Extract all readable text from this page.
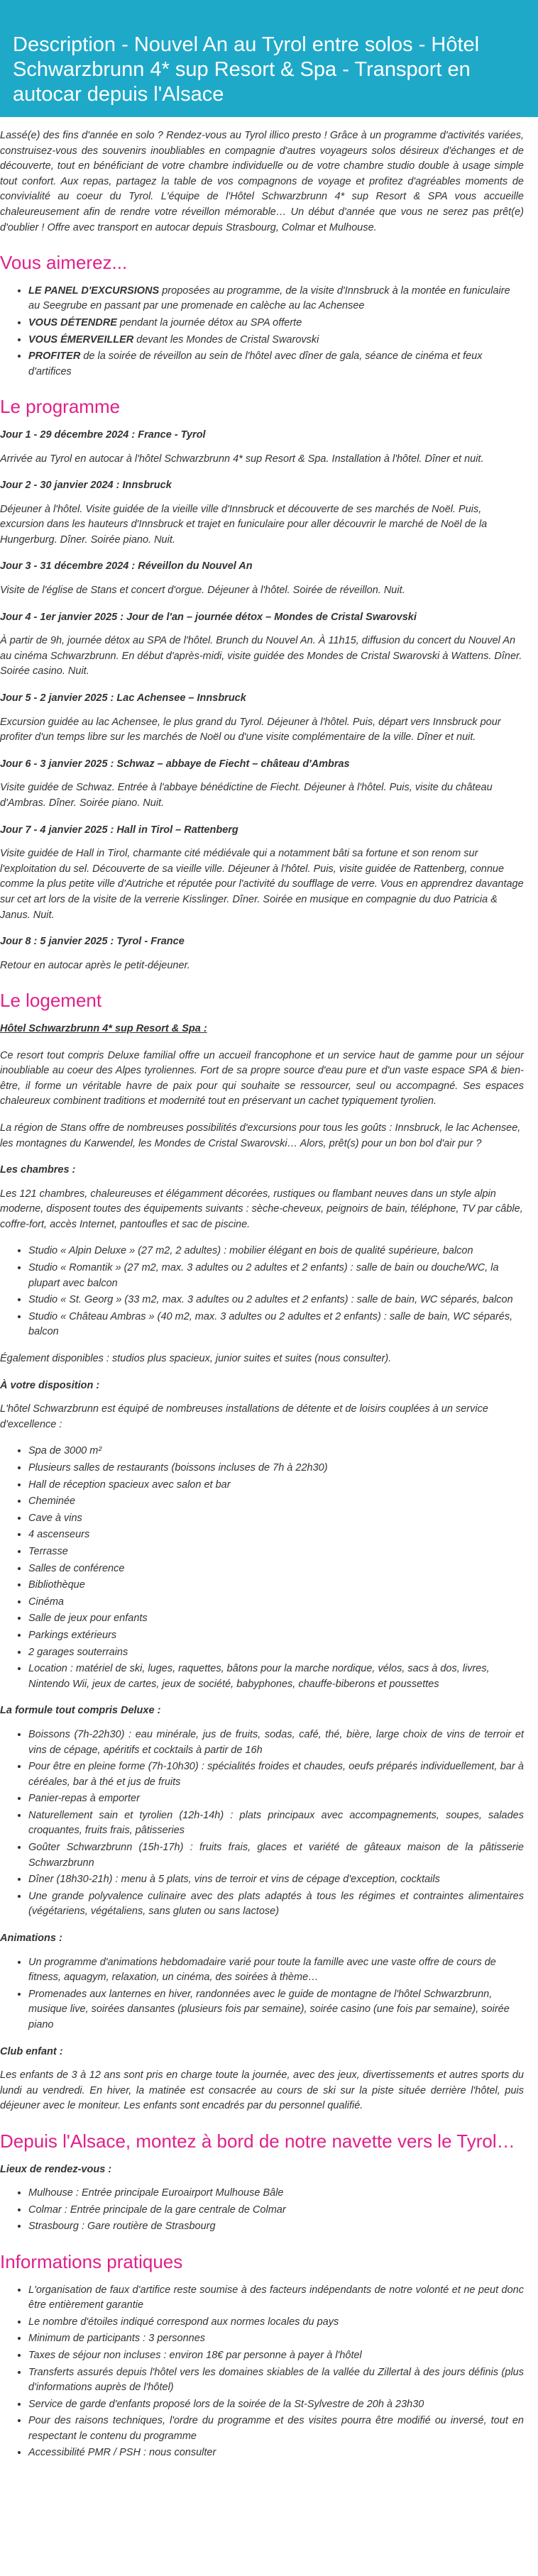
Description - Nouvel An au Tyrol entre solos - Hôtel Schwarzbrunn 4* sup Resort & Spa - Transport en autocar depuis l'Alsace

Lassé(e) des fins d'année en solo ? Rendez-vous au Tyrol illico presto ! Grâce à un programme d'activités variées, construisez-vous des souvenirs inoubliables en compagnie d'autres voyageurs solos désireux d'échanges et de découverte, tout en bénéficiant de votre chambre individuelle ou de votre chambre studio double à usage simple tout confort. Aux repas, partagez la table de vos compagnons de voyage et profitez d'agréables moments de convivialité au coeur du Tyrol. L'équipe de l'Hôtel Schwarzbrunn 4* sup Resort & SPA vous accueille chaleureusement afin de rendre votre réveillon mémorable… Un début d'année que vous ne serez pas prêt(e) d'oublier ! Offre avec transport en autocar depuis Strasbourg, Colmar et Mulhouse.

Vous aimerez...
• LE PANEL D'EXCURSIONS proposées au programme, de la visite d'Innsbruck à la montée en funiculaire au Seegrube en passant par une promenade en calèche au lac Achensee
• VOUS DÉTENDRE pendant la journée détox au SPA offerte
• VOUS ÉMERVEILLER devant les Mondes de Cristal Swarovski
• PROFITER de la soirée de réveillon au sein de l'hôtel avec dîner de gala, séance de cinéma et feux d'artifices
Le programme
Jour 1 - 29 décembre 2024 : France - Tyrol

Arrivée au Tyrol en autocar à l'hôtel Schwarzbrunn 4* sup Resort & Spa. Installation à l'hôtel. Dîner et nuit.

Jour 2 - 30 janvier 2024 : Innsbruck

Déjeuner à l'hôtel. Visite guidée de la vieille ville d'Innsbruck et découverte de ses marchés de Noël. Puis, excursion dans les hauteurs d'Innsbruck et trajet en funiculaire pour aller découvrir le marché de Noël de la Hungerburg. Dîner. Soirée piano. Nuit.

Jour 3 - 31 décembre 2024 : Réveillon du Nouvel An

Visite de l'église de Stans et concert d'orgue. Déjeuner à l'hôtel. Soirée de réveillon. Nuit.

Jour 4 - 1er janvier 2025 : Jour de l'an – journée détox – Mondes de Cristal Swarovski

À partir de 9h, journée détox au SPA de l'hôtel. Brunch du Nouvel An. À 11h15, diffusion du concert du Nouvel An au cinéma Schwarzbrunn. En début d'après-midi, visite guidée des Mondes de Cristal Swarovski à Wattens. Dîner. Soirée casino. Nuit.

Jour 5 - 2 janvier 2025 : Lac Achensee – Innsbruck

Excursion guidée au lac Achensee, le plus grand du Tyrol. Déjeuner à l'hôtel. Puis, départ vers Innsbruck pour profiter d'un temps libre sur les marchés de Noël ou d'une visite complémentaire de la ville. Dîner et nuit.

Jour 6 - 3 janvier 2025 : Schwaz – abbaye de Fiecht – château d'Ambras

Visite guidée de Schwaz. Entrée à l'abbaye bénédictine de Fiecht. Déjeuner à l'hôtel. Puis, visite du château d'Ambras. Dîner. Soirée piano. Nuit.

Jour 7 - 4 janvier 2025 : Hall in Tirol – Rattenberg

Visite guidée de Hall in Tirol, charmante cité médiévale qui a notamment bâti sa fortune et son renom sur l'exploitation du sel. Découverte de sa vieille ville. Déjeuner à l'hôtel. Puis, visite guidée de Rattenberg, connue comme la plus petite ville d'Autriche et réputée pour l'activité du soufflage de verre. Vous en apprendrez davantage sur cet art lors de la visite de la verrerie Kisslinger. Dîner. Soirée en musique en compagnie du duo Patricia & Janus. Nuit.

Jour 8 : 5 janvier 2025 : Tyrol - France

Retour en autocar après le petit-déjeuner.

Le logement

Hôtel Schwarzbrunn 4* sup Resort & Spa :

Ce resort tout compris Deluxe familial offre un accueil francophone et un service haut de gamme pour un séjour inoubliable au coeur des Alpes tyroliennes. Fort de sa propre source d'eau pure et d'un vaste espace SPA & bien-être, il forme un véritable havre de paix pour qui souhaite se ressourcer, seul ou accompagné. Ses espaces chaleureux combinent traditions et modernité tout en préservant un cachet typiquement tyrolien.

La région de Stans offre de nombreuses possibilités d'excursions pour tous les goûts : Innsbruck, le lac Achensee, les montagnes du Karwendel, les Mondes de Cristal Swarovski… Alors, prêt(s) pour un bon bol d'air pur ?

Les chambres :

Les 121 chambres, chaleureuses et élégamment décorées, rustiques ou flambant neuves dans un style alpin moderne, disposent toutes des équipements suivants : sèche-cheveux, peignoirs de bain, téléphone, TV par câble, coffre-fort, accès Internet, pantoufles et sac de piscine.

• Studio « Alpin Deluxe » (27 m2, 2 adultes) : mobilier élégant en bois de qualité supérieure, balcon
• Studio « Romantik » (27 m2, max. 3 adultes ou 2 adultes et 2 enfants) : salle de bain ou douche/WC, la plupart avec balcon
• Studio « St. Georg » (33 m2, max. 3 adultes ou 2 adultes et 2 enfants) : salle de bain, WC séparés, balcon
• Studio « Château Ambras » (40 m2, max. 3 adultes ou 2 adultes et 2 enfants) : salle de bain, WC séparés, balcon

Également disponibles : studios plus spacieux, junior suites et suites (nous consulter).

À votre disposition :

L'hôtel Schwarzbrunn est équipé de nombreuses installations de détente et de loisirs couplées à un service d'excellence :

• Spa de 3000 m²
• Plusieurs salles de restaurants (boissons incluses de 7h à 22h30)
• Hall de réception spacieux avec salon et bar
• Cheminée
• Cave à vins
• 4 ascenseurs
• Terrasse
• Salles de conférence
• Bibliothèque
• Cinéma
• Salle de jeux pour enfants
• Parkings extérieurs
• 2 garages souterrains
• Location : matériel de ski, luges, raquettes, bâtons pour la marche nordique, vélos, sacs à dos, livres, Nintendo Wii, jeux de cartes, jeux de société, babyphones, chauffe-biberons et poussettes
La formule tout compris Deluxe :
• Boissons (7h-22h30) : eau minérale, jus de fruits, sodas, café, thé, bière, large choix de vins de terroir et vins de cépage, apéritifs et cocktails à partir de 16h
• Pour être en pleine forme (7h-10h30) : spécialités froides et chaudes, oeufs préparés individuellement, bar à céréales, bar à thé et jus de fruits
• Panier-repas à emporter
• Naturellement sain et tyrolien (12h-14h) : plats principaux avec accompagnements, soupes, salades croquantes, fruits frais, pâtisseries
• Goûter Schwarzbrunn (15h-17h) : fruits frais, glaces et variété de gâteaux maison de la pâtisserie Schwarzbrunn
• Dîner (18h30-21h) : menu à 5 plats, vins de terroir et vins de cépage d'exception, cocktails
• Une grande polyvalence culinaire avec des plats adaptés à tous les régimes et contraintes alimentaires (végétariens, végétaliens, sans gluten ou sans lactose)
Animations :
• Un programme d'animations hebdomadaire varié pour toute la famille avec une vaste offre de cours de fitness, aquagym, relaxation, un cinéma, des soirées à thème…
• Promenades aux lanternes en hiver, randonnées avec le guide de montagne de l'hôtel Schwarzbrunn, musique live, soirées dansantes (plusieurs fois par semaine), soirée casino (une fois par semaine), soirée piano
Club enfant :

Les enfants de 3 à 12 ans sont pris en charge toute la journée, avec des jeux, divertissements et autres sports du lundi au vendredi. En hiver, la matinée est consacrée au cours de ski sur la piste située derrière l'hôtel, puis déjeuner avec le moniteur. Les enfants sont encadrés par du personnel qualifié.

Depuis l'Alsace, montez à bord de notre navette vers le Tyrol…
Lieux de rendez-vous :
• Mulhouse : Entrée principale Euroairport Mulhouse Bâle
• Colmar : Entrée principale de la gare centrale de Colmar
• Strasbourg : Gare routière de Strasbourg
Informations pratiques
• L'organisation de faux d'artifice reste soumise à des facteurs indépendants de notre volonté et ne peut donc être entièrement garantie
• Le nombre d'étoiles indiqué correspond aux normes locales du pays
• Minimum de participants : 3 personnes
• Taxes de séjour non incluses : environ 18€ par personne à payer à l'hôtel
• Transferts assurés depuis l'hôtel vers les domaines skiables de la vallée du Zillertal à des jours définis (plus d'informations auprès de l'hôtel)
• Service de garde d'enfants proposé lors de la soirée de la St-Sylvestre de 20h à 23h30
• Pour des raisons techniques, l'ordre du programme et des visites pourra être modifié ou inversé, tout en respectant le contenu du programme
• Accessibilité PMR / PSH : nous consulter
